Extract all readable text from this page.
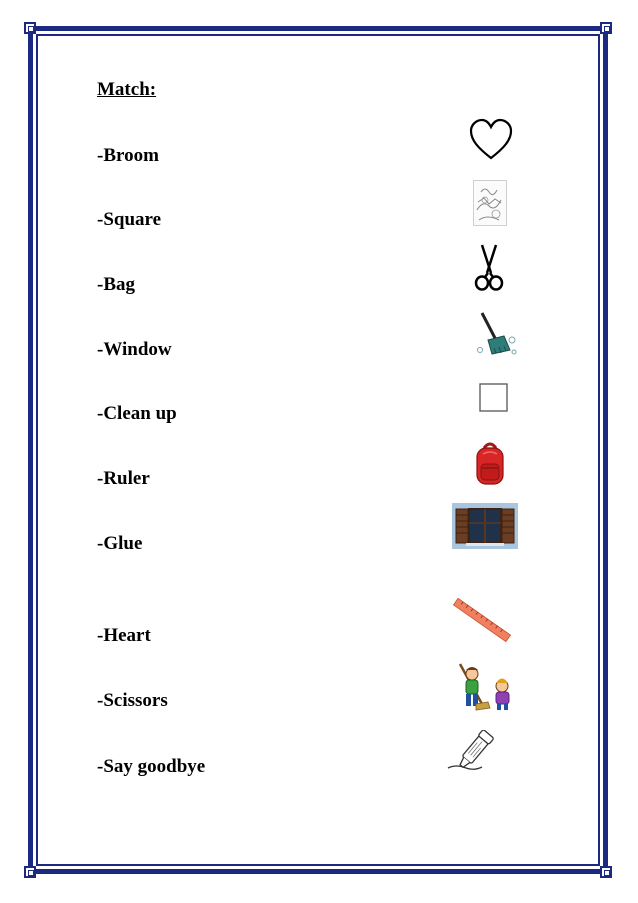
Match:
-Broom
-Square
-Bag
-Window
-Clean up
-Ruler
-Glue
-Heart
-Scissors
-Say goodbye
